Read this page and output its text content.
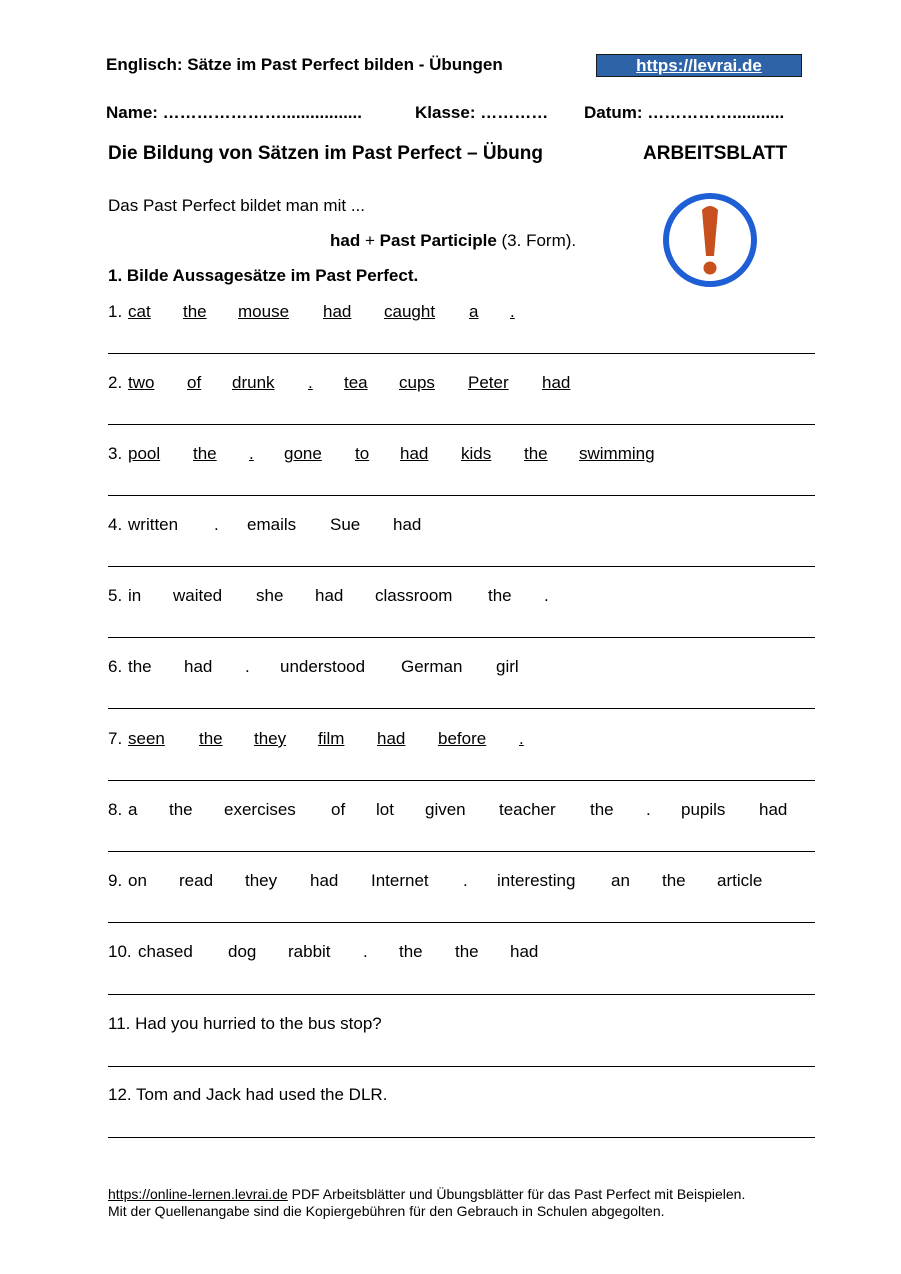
Englisch: Sätze im Past Perfect bilden - Übungen	https://levrai.de
Name: ………………….................	Klasse: ………… Datum: ……………...........
Die Bildung von Sätzen im Past Perfect – Übung	ARBEITSBLATT
Das Past Perfect bildet man mit ...
had + Past Participle (3. Form).
1. Bilde Aussagesätze im Past Perfect.
1. cat the mouse had caught a .
2. two of drunk . tea cups Peter had
3. pool the . gone to had kids the swimming
4. written . emails Sue had
5. in waited she had classroom the .
6. the had . understood German girl
7. seen the they film had before .
8. a the exercises of lot given teacher the . pupils had
9. on read they had Internet . interesting an the article
10. chased dog rabbit . the the had
11. Had you hurried to the bus stop?
12. Tom and Jack had used the DLR.
https://online-lernen.levrai.de PDF Arbeitsblätter und Übungsblätter für das Past Perfect mit Beispielen.
Mit der Quellenangabe sind die Kopiergebühren für den Gebrauch in Schulen abgegolten.
